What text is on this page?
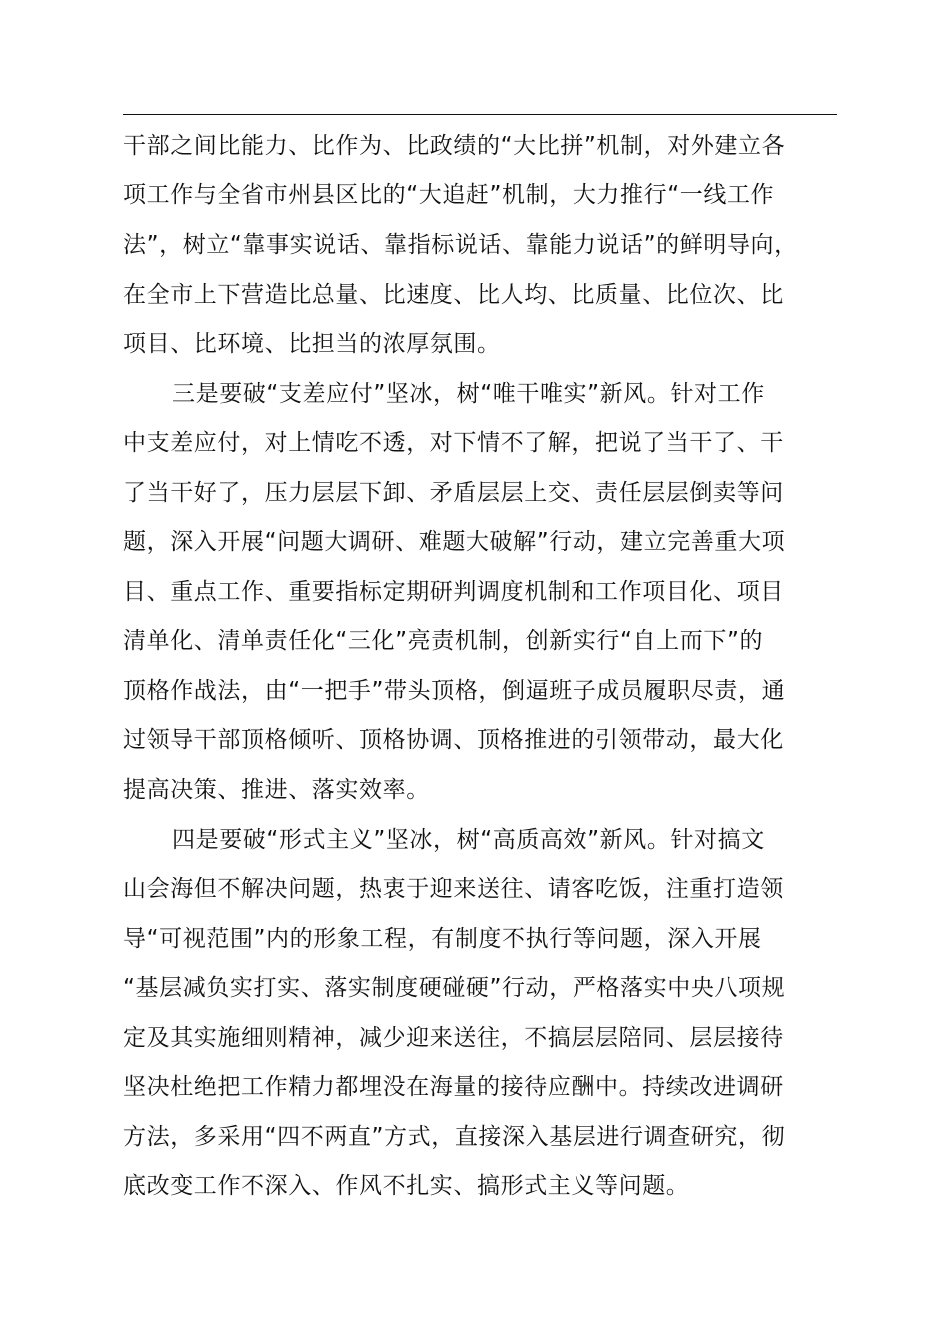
干部之间比能力、比作为、比政绩的“大比拼”机制，对外建立各
项工作与全省市州县区比的“大追赶”机制，大力推行“一线工作
法”，树立“靠事实说话、靠指标说话、靠能力说话”的鲜明导向，
在全市上下营造比总量、比速度、比人均、比质量、比位次、比
项目、比环境、比担当的浓厚氛围。
三是要破“支差应付”坚冰，树“唯干唯实”新风。针对工作
中支差应付，对上情吃不透，对下情不了解，把说了当干了、干
了当干好了，压力层层下卸、矛盾层层上交、责任层层倒卖等问
题，深入开展“问题大调研、难题大破解”行动，建立完善重大项
目、重点工作、重要指标定期研判调度机制和工作项目化、项目
清单化、清单责任化“三化”亮责机制，创新实行“自上而下”的
顶格作战法，由“一把手”带头顶格，倒逼班子成员履职尽责，通
过领导干部顶格倾听、顶格协调、顶格推进的引领带动，最大化
提高决策、推进、落实效率。
四是要破“形式主义”坚冰，树“高质高效”新风。针对搞文
山会海但不解决问题，热衷于迎来送往、请客吃饭，注重打造领
导“可视范围”内的形象工程，有制度不执行等问题，深入开展
“基层减负实打实、落实制度硬碰硬”行动，严格落实中央八项规
定及其实施细则精神，减少迎来送往，不搞层层陪同、层层接待
坚决杜绝把工作精力都埋没在海量的接待应酬中。持续改进调研
方法，多采用“四不两直”方式，直接深入基层进行调查研究，彻
底改变工作不深入、作风不扎实、搞形式主义等问题。
